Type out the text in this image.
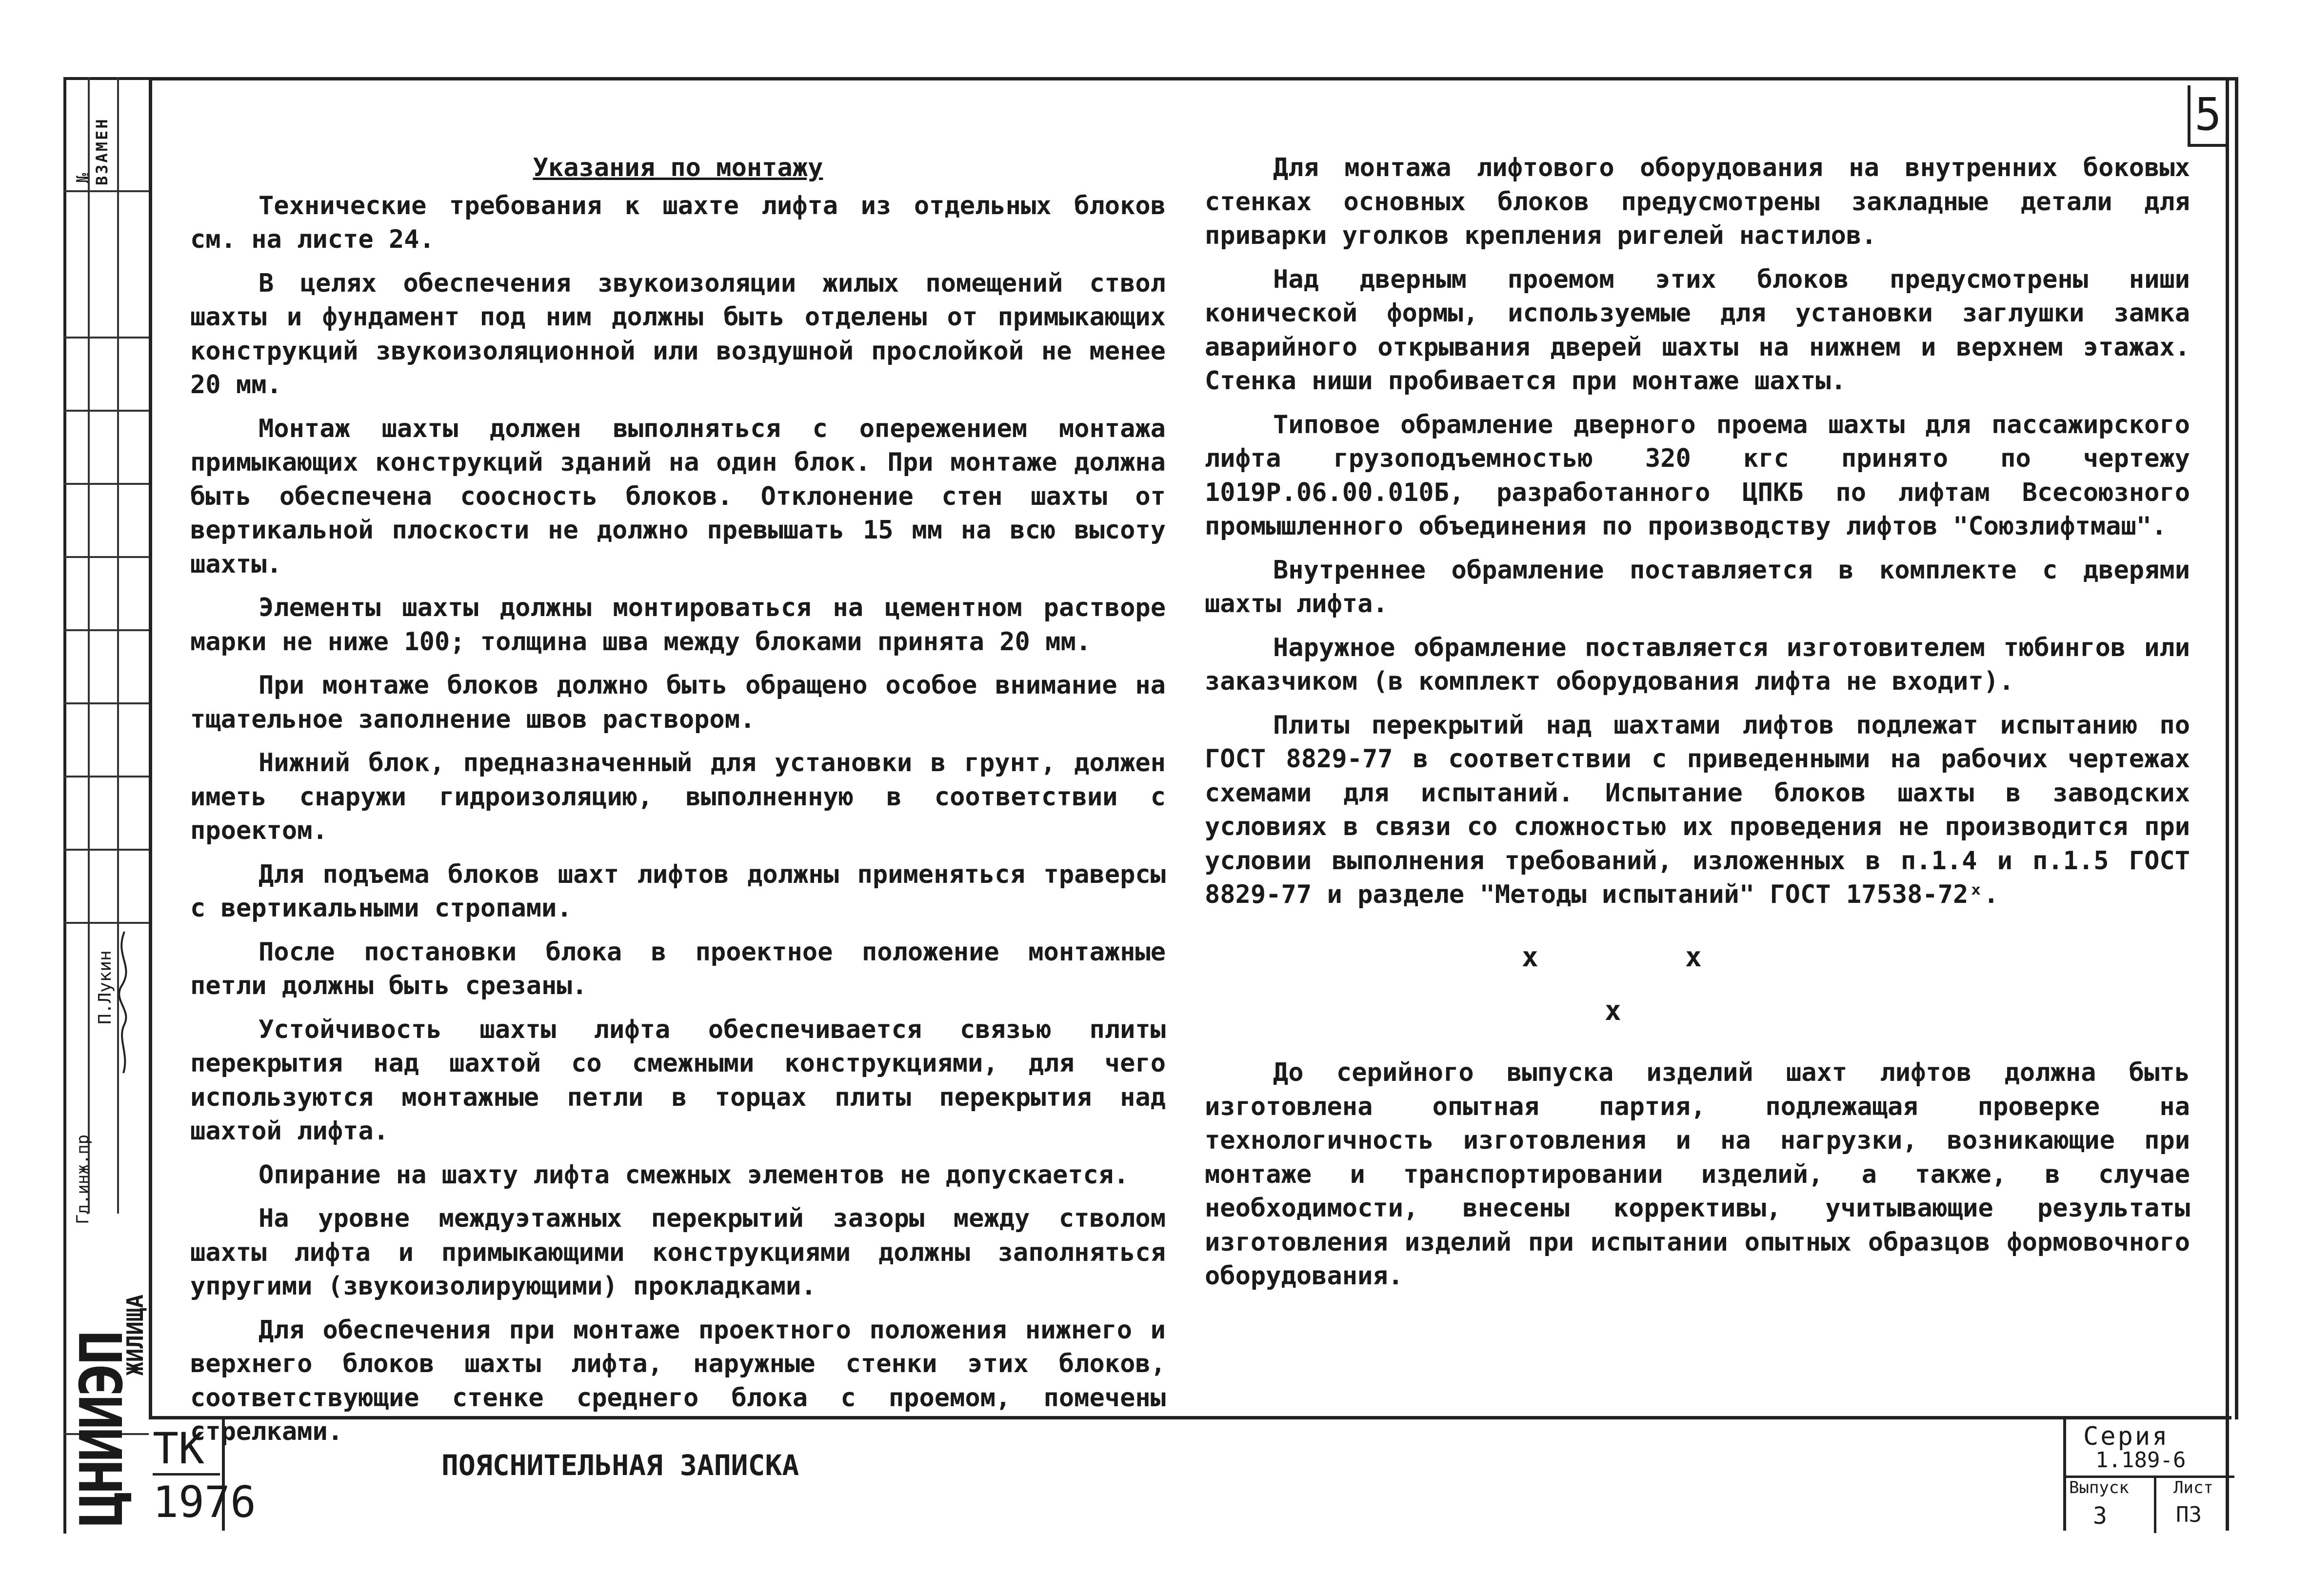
№ ВЗАМЕН
Гл.инж.пр
П.Лукин
ЦНИИЭП
ЖИЛИЩА
5
Указания по монтажу

Технические требования к шахте лифта из отдельных блоков см. на листе 24.

В целях обеспечения звукоизоляции жилых помещений ствол шахты и фундамент под ним должны быть отделены от примыкающих конструкций звукоизоляционной или воздушной прослойкой не менее 20 мм.

Монтаж шахты должен выполняться с опережением монтажа примыкающих конструкций зданий на один блок. При монтаже должна быть обеспечена соосность блоков. Отклонение стен шахты от вертикальной плоскости не должно превышать 15 мм на всю высоту шахты.

Элементы шахты должны монтироваться на цементном растворе марки не ниже 100; толщина шва между блоками принята 20 мм.

При монтаже блоков должно быть обращено особое внимание на тщательное заполнение швов раствором.

Нижний блок, предназначенный для установки в грунт, должен иметь снаружи гидроизоляцию, выполненную в соответствии с проектом.

Для подъема блоков шахт лифтов должны применяться траверсы с вертикальными стропами.

После постановки блока в проектное положение монтажные петли должны быть срезаны.

Устойчивость шахты лифта обеспечивается связью плиты перекрытия над шахтой со смежными конструкциями, для чего используются монтажные петли в торцах плиты перекрытия над шахтой лифта.

Опирание на шахту лифта смежных элементов не допускается.

На уровне междуэтажных перекрытий зазоры между стволом шахты лифта и примыкающими конструкциями должны заполняться упругими (звукоизолирующими) прокладками.

Для обеспечения при монтаже проектного положения нижнего и верхнего блоков шахты лифта, наружные стенки этих блоков, соответствующие стенке среднего блока с проемом, помечены стрелками.

Для монтажа лифтового оборудования на внутренних боковых стенках основных блоков предусмотрены закладные детали для приварки уголков крепления ригелей настилов.

Над дверным проемом этих блоков предусмотрены ниши конической формы, используемые для установки заглушки замка аварийного открывания дверей шахты на нижнем и верхнем этажах. Стенка ниши пробивается при монтаже шахты.

Типовое обрамление дверного проема шахты для пассажирского лифта грузоподъемностью 320 кгс принято по чертежу 1019Р.06.00.010Б, разработанного ЦПКБ по лифтам Всесоюзного промышленного объединения по производству лифтов "Союзлифтмаш".

Внутреннее обрамление поставляется в комплекте с дверями шахты лифта.

Наружное обрамление поставляется изготовителем тюбингов или заказчиком (в комплект оборудования лифта не входит).

Плиты перекрытий над шахтами лифтов подлежат испытанию по ГОСТ 8829-77 в соответствии с приведенными на рабочих чертежах схемами для испытаний. Испытание блоков шахты в заводских условиях в связи со сложностью их проведения не производится при условии выполнения требований, изложенных в п.1.4 и п.1.5 ГОСТ 8829-77 и разделе "Методы испытаний" ГОСТ 17538-72ˣ.

x	x
x
До серийного выпуска изделий шахт лифтов должна быть изготовлена опытная партия, подлежащая проверке на технологичность изготовления и на нагрузки, возникающие при монтаже и транспортировании изделий, а также, в случае необходимости, внесены коррективы, учитывающие результаты изготовления изделий при испытании опытных образцов формовочного оборудования.
ТК
1976
ПОЯСНИТЕЛЬНАЯ ЗАПИСКА
Серия
1.189-6
Выпуск
3
Лист
ПЗ
